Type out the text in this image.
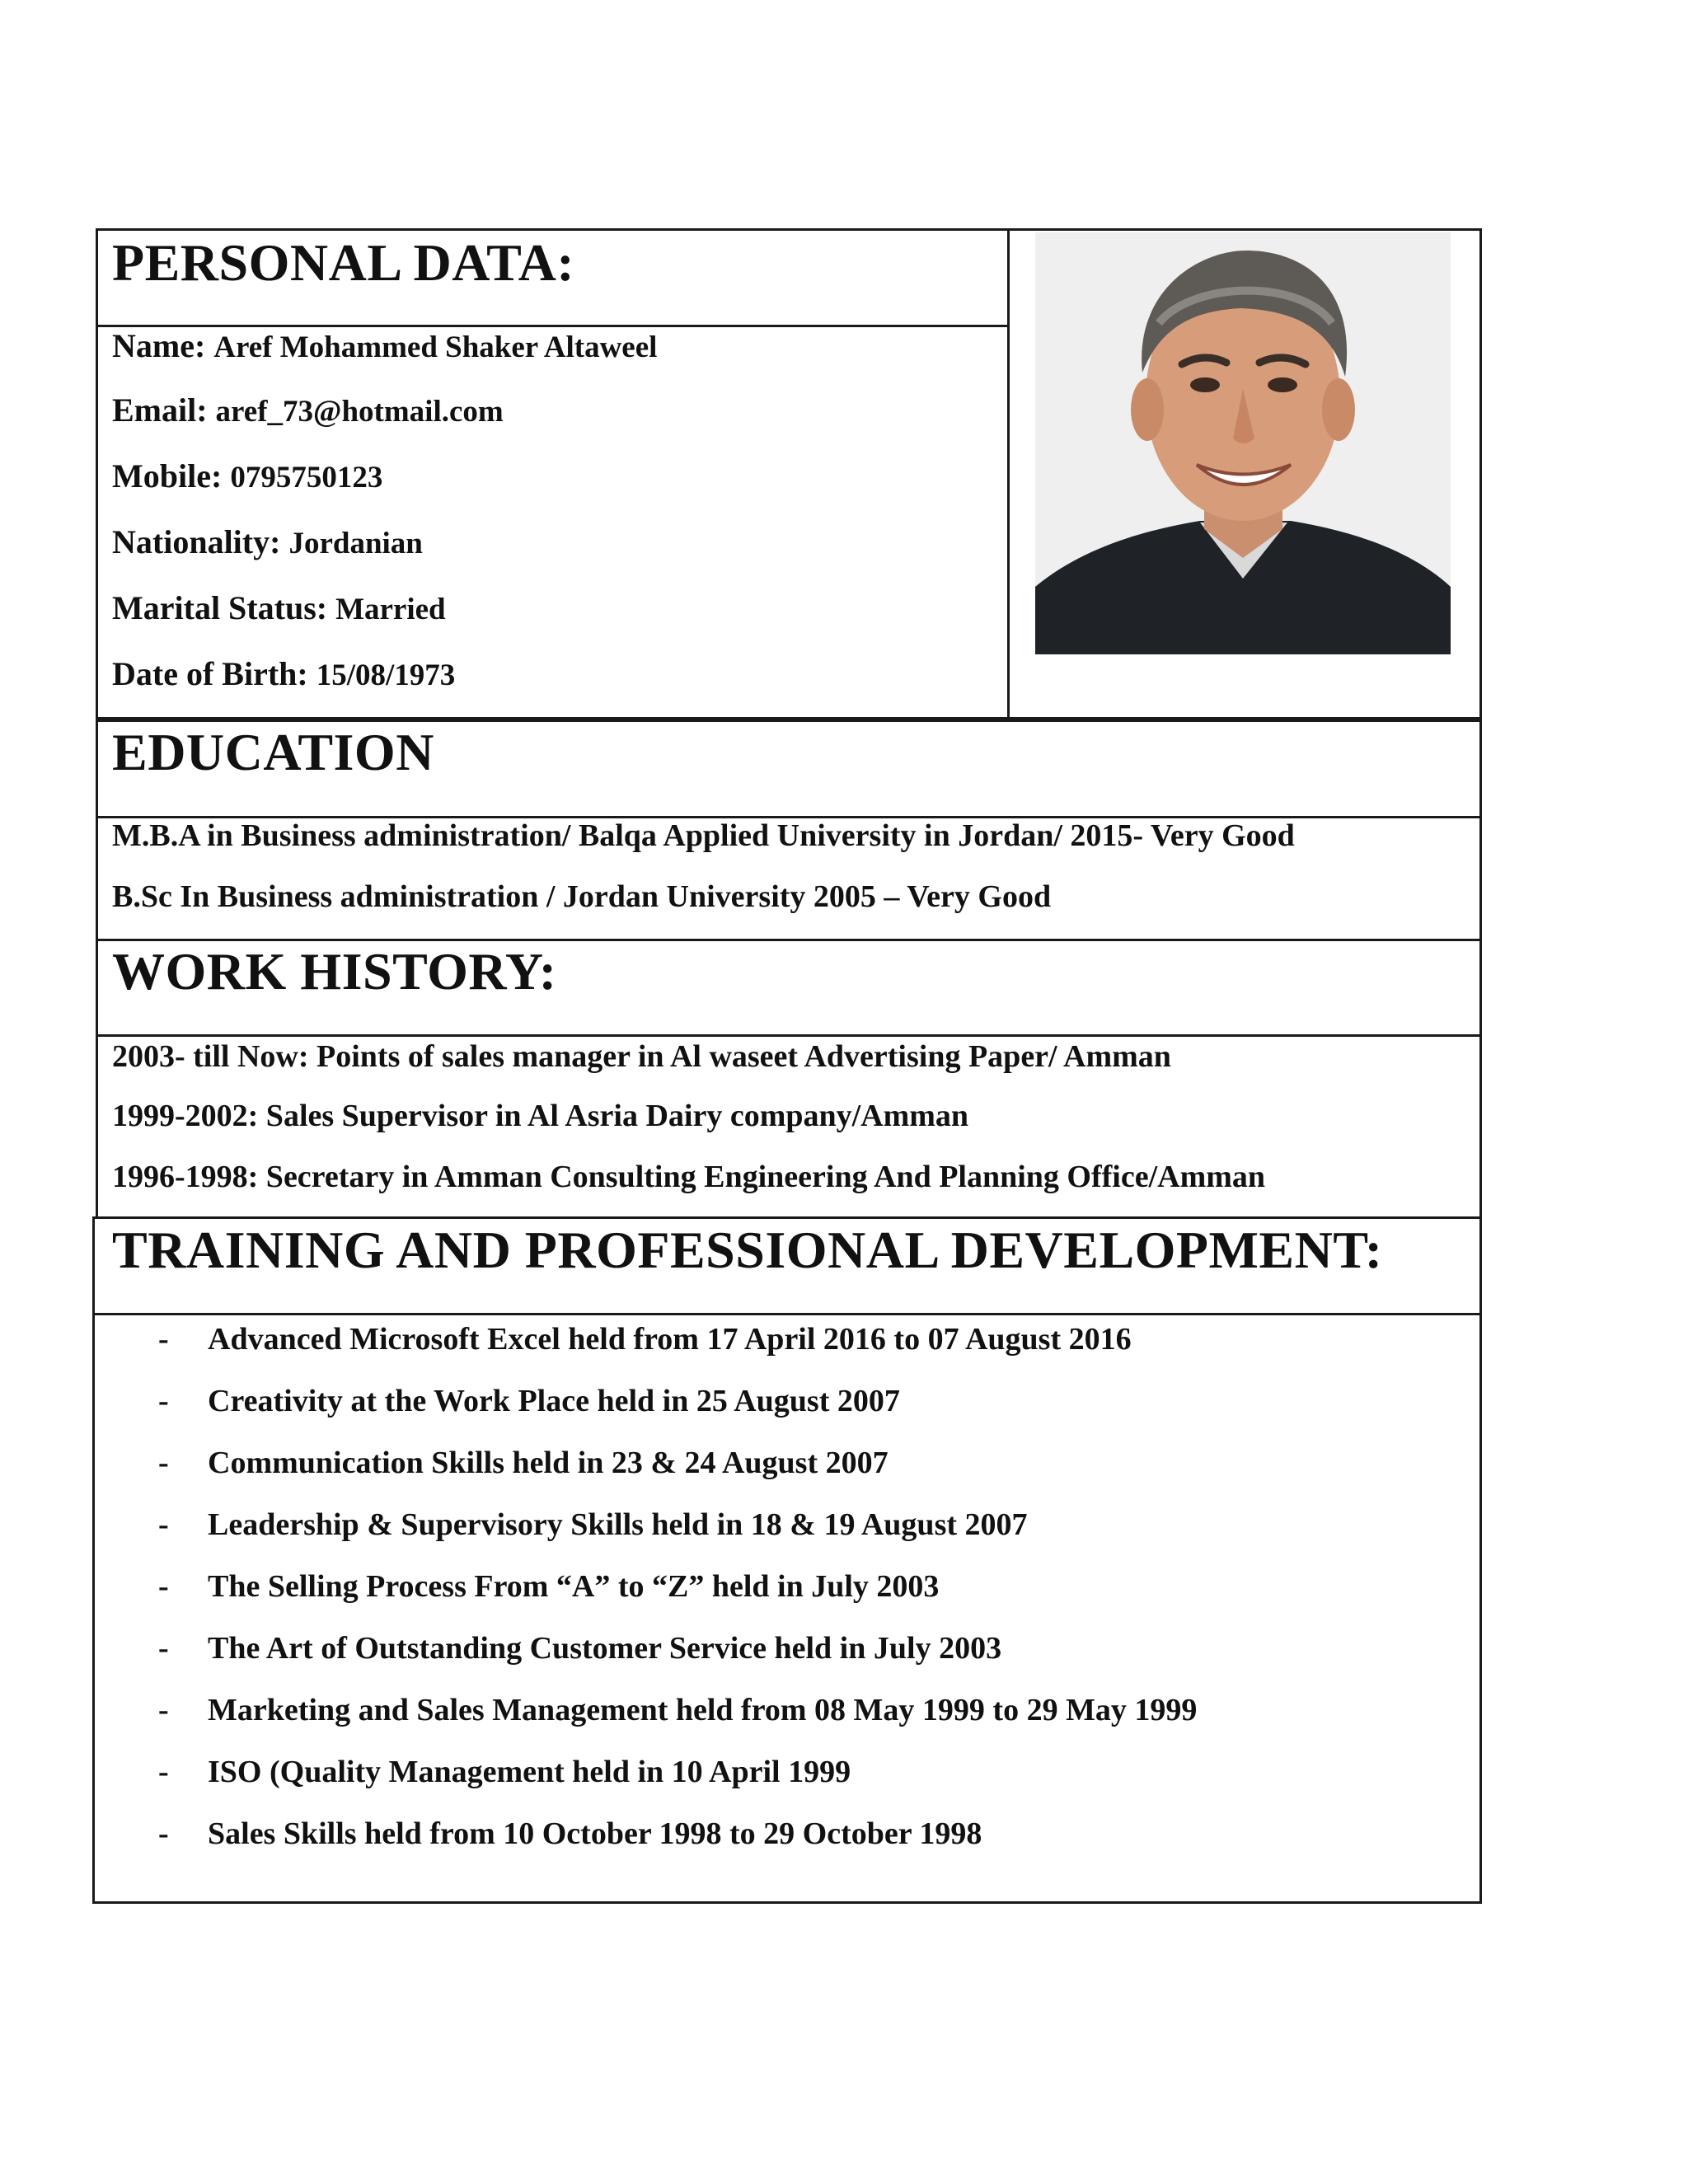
PERSONAL DATA:
Name: Aref Mohammed Shaker Altaweel
Email: aref_73@hotmail.com
Mobile: 0795750123
Nationality: Jordanian
Marital Status: Married
Date of Birth: 15/08/1973
EDUCATION
M.B.A in Business administration/ Balqa Applied University in Jordan/ 2015- Very Good
B.Sc In Business administration / Jordan University 2005 – Very Good
WORK HISTORY:
2003- till Now: Points of sales manager in Al waseet Advertising Paper/ Amman
1999-2002: Sales Supervisor in Al Asria Dairy company/Amman
1996-1998: Secretary in Amman Consulting Engineering And Planning Office/Amman
TRAINING AND PROFESSIONAL DEVELOPMENT:
- Advanced Microsoft Excel held from 17 April 2016 to 07 August 2016
- Creativity at the Work Place held in 25 August 2007
- Communication Skills held in 23 & 24 August 2007
- Leadership & Supervisory Skills held in 18 & 19 August 2007
- The Selling Process From “A” to “Z” held in July 2003
- The Art of Outstanding Customer Service held in July 2003
- Marketing and Sales Management held from 08 May 1999 to 29 May 1999
- ISO (Quality Management held in 10 April 1999
- Sales Skills held from 10 October 1998 to 29 October 1998
